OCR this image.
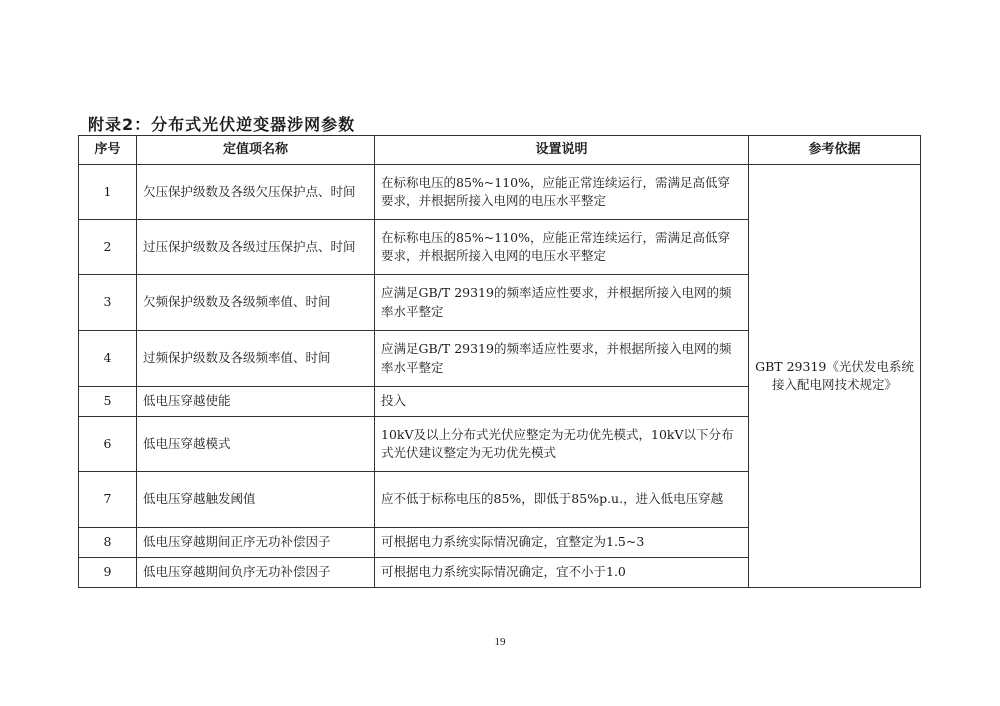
附录2：分布式光伏逆变器涉网参数
序号	定值项名称	设置说明	参考依据
1	欠压保护级数及各级欠压保护点、时间	在标称电压的85%~110%，应能正常连续运行，需满足高低穿要求，并根据所接入电网的电压水平整定	GBT 29319《光伏发电系统接入配电网技术规定》
2	过压保护级数及各级过压保护点、时间	在标称电压的85%~110%，应能正常连续运行，需满足高低穿要求，并根据所接入电网的电压水平整定	
3	欠频保护级数及各级频率值、时间	应满足GB/T 29319的频率适应性要求，并根据所接入电网的频率水平整定	
4	过频保护级数及各级频率值、时间	应满足GB/T 29319的频率适应性要求，并根据所接入电网的频率水平整定	
5	低电压穿越使能	投入	
6	低电压穿越模式	10kV及以上分布式光伏应整定为无功优先模式，10kV以下分布式光伏建议整定为无功优先模式	
7	低电压穿越触发阈值	应不低于标称电压的85%，即低于85%p.u.，进入低电压穿越	
8	低电压穿越期间正序无功补偿因子	可根据电力系统实际情况确定，宜整定为1.5~3	
9	低电压穿越期间负序无功补偿因子	可根据电力系统实际情况确定，宜不小于1.0	
19
